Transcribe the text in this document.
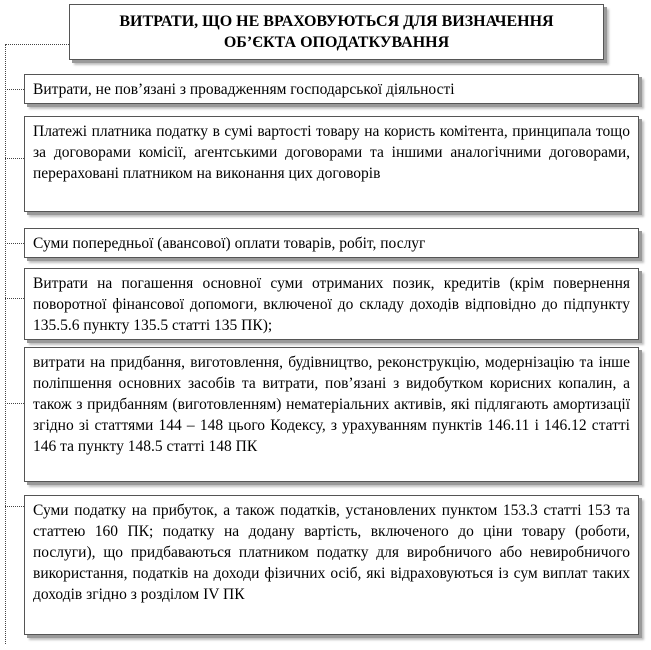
ВИТРАТИ, ЩО НЕ ВРАХОВУЮТЬСЯ ДЛЯ ВИЗНАЧЕННЯ ОБ’ЄКТА ОПОДАТКУВАННЯ
Витрати, не пов’язані з провадженням господарської діяльності
Платежі платника податку в сумі вартості товару на користь комітента, принципала тощо за договорами комісії, агентськими договорами та іншими аналогічними договорами, перераховані платником на виконання цих договорів
Суми попередньої (авансової) оплати товарів, робіт, послуг
Витрати на погашення основної суми отриманих позик, кредитів (крім повернення поворотної фінансової допомоги, включеної до складу доходів відповідно до підпункту 135.5.6 пункту 135.5 статті 135 ПК);
витрати на придбання, виготовлення, будівництво, реконструкцію, модернізацію та інше поліпшення основних засобів та витрати, пов’язані з видобутком корисних копалин, а також з придбанням (виготовленням) нематеріальних активів, які підлягають амортизації згідно зі статтями 144 – 148 цього Кодексу, з урахуванням пунктів 146.11 і 146.12 статті 146 та пункту 148.5 статті 148 ПК
Суми податку на прибуток, а також податків, установлених пунктом 153.3 статті 153 та статтею 160 ПК; податку на додану вартість, включеного до ціни товару (роботи, послуги), що придбаваються платником податку для виробничого або невиробничого використання, податків на доходи фізичних осіб, які відраховуються із сум виплат таких доходів згідно з розділом IV ПК
